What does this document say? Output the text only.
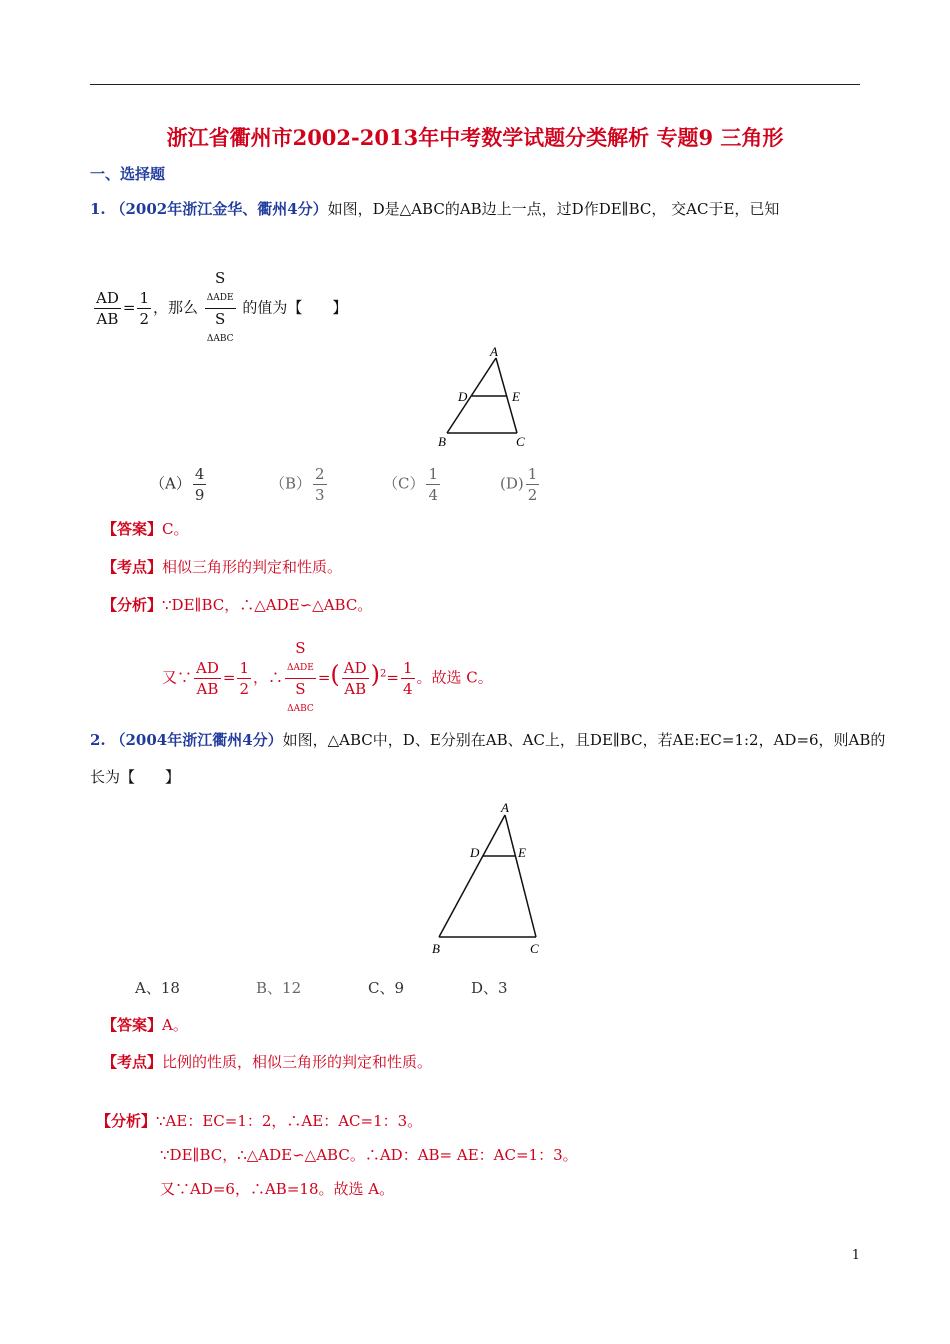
浙江省衢州市2002-2013年中考数学试题分类解析 专题9 三角形
一、选择题
1. （2002年浙江金华、衢州4分）如图，D是△ABC的AB边上一点，过D作DE∥BC， 交AC于E，已知
$\frac{AD}{AB} = \frac{1}{2}$ ，那么 S
ΔADE
S
ΔABC 的值为【　　】
A
D	E
B	C
$(A) \frac{4}{9}$	$(B) \frac{2}{3}$	$(C) \frac{1}{4}$	$(D) \frac{1}{2}$
【答案】C。
【考点】相似三角形的判定和性质。
【分析】∵DE∥BC，∴△ADE∽△ABC。
又∵ $\frac{AD}{AB} = \frac{1}{2}$ ，∴ S
ΔADE
S
ΔABC =( $\frac{AD}{AB} )^2= \frac{1}{4}$ 。故选 C。
2. （2004年浙江衢州4分）如图，△ABC中，D、E分别在AB、AC上，且DE∥BC，若AE:EC=1:2，AD=6，则AB的
长为【　　】
A
D	E
B	C
A、18	B、12	C、9	D、3
【答案】A。
【考点】比例的性质，相似三角形的判定和性质。
【分析】∵AE：EC=1：2，∴AE：AC=1：3。
∵DE∥BC，∴△ADE∽△ABC。∴AD：AB= AE：AC=1：3。
又∵AD=6，∴AB=18。故选 A。
1
